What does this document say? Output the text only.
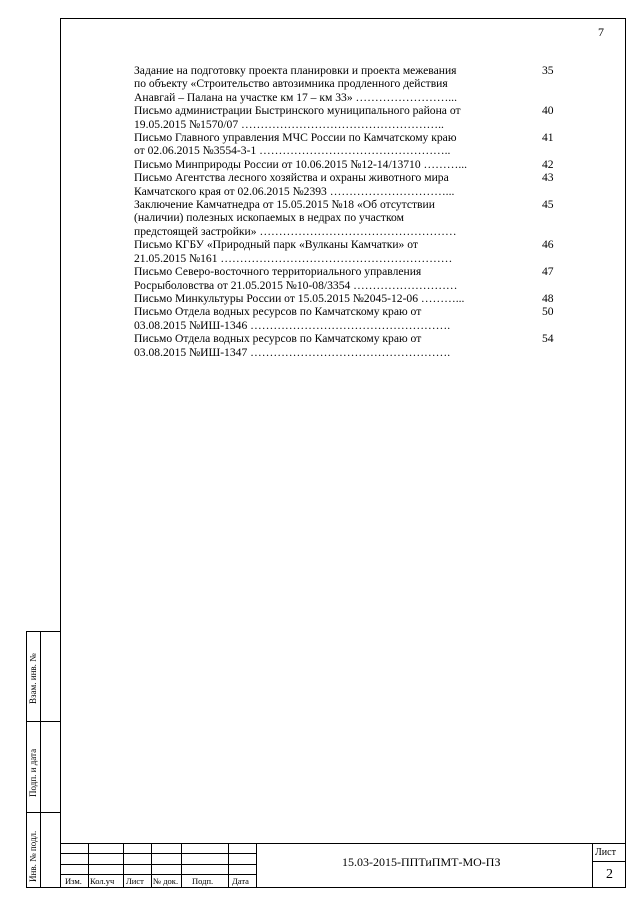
7
Задание на подготовку проекта планировки и проекта межевания
по объекту «Строительство автозимника продленного действия
Анавгай – Палана на участке км 17 – км 33» ……………………...
35
Письмо администрации Быстринского муниципального района от
19.05.2015 №1570/07 ……………………………………………..
40
Письмо Главного управления МЧС России по Камчатскому краю
от 02.06.2015 №3554-3-1 …………………………………………..
41
Письмо Минприроды России от 10.06.2015 №12-14/13710 ………...	42
Письмо Агентства лесного хозяйства и охраны животного мира
Камчатского края от 02.06.2015 №2393 …………………………...
43
Заключение Камчатнедра от 15.05.2015 №18 «Об отсутствии
(наличии) полезных ископаемых в недрах по участком
предстоящей застройки» ……………………………………………
45
Письмо КГБУ «Природный парк «Вулканы Камчатки» от
21.05.2015 №161 ……………………………………………………
46
Письмо Северо-восточного территориального управления
Росрыболовства от 21.05.2015 №10-08/3354 ………………………
47
Письмо Минкультуры России от 15.05.2015 №2045-12-06 ………...	48
Письмо Отдела водных ресурсов по Камчатскому краю от
03.08.2015 №ИШ-1346 …………………………………………….
50
Письмо Отдела водных ресурсов по Камчатскому краю от
03.08.2015 №ИШ-1347 …………………………………………….
54
Взам. инв. №
Подп. и дата
Инв. № подл.	Изм. Кол.уч Лист № док. Подп. Дата
15.03-2015-ППТиПМТ-МО-ПЗ
Лист
2
